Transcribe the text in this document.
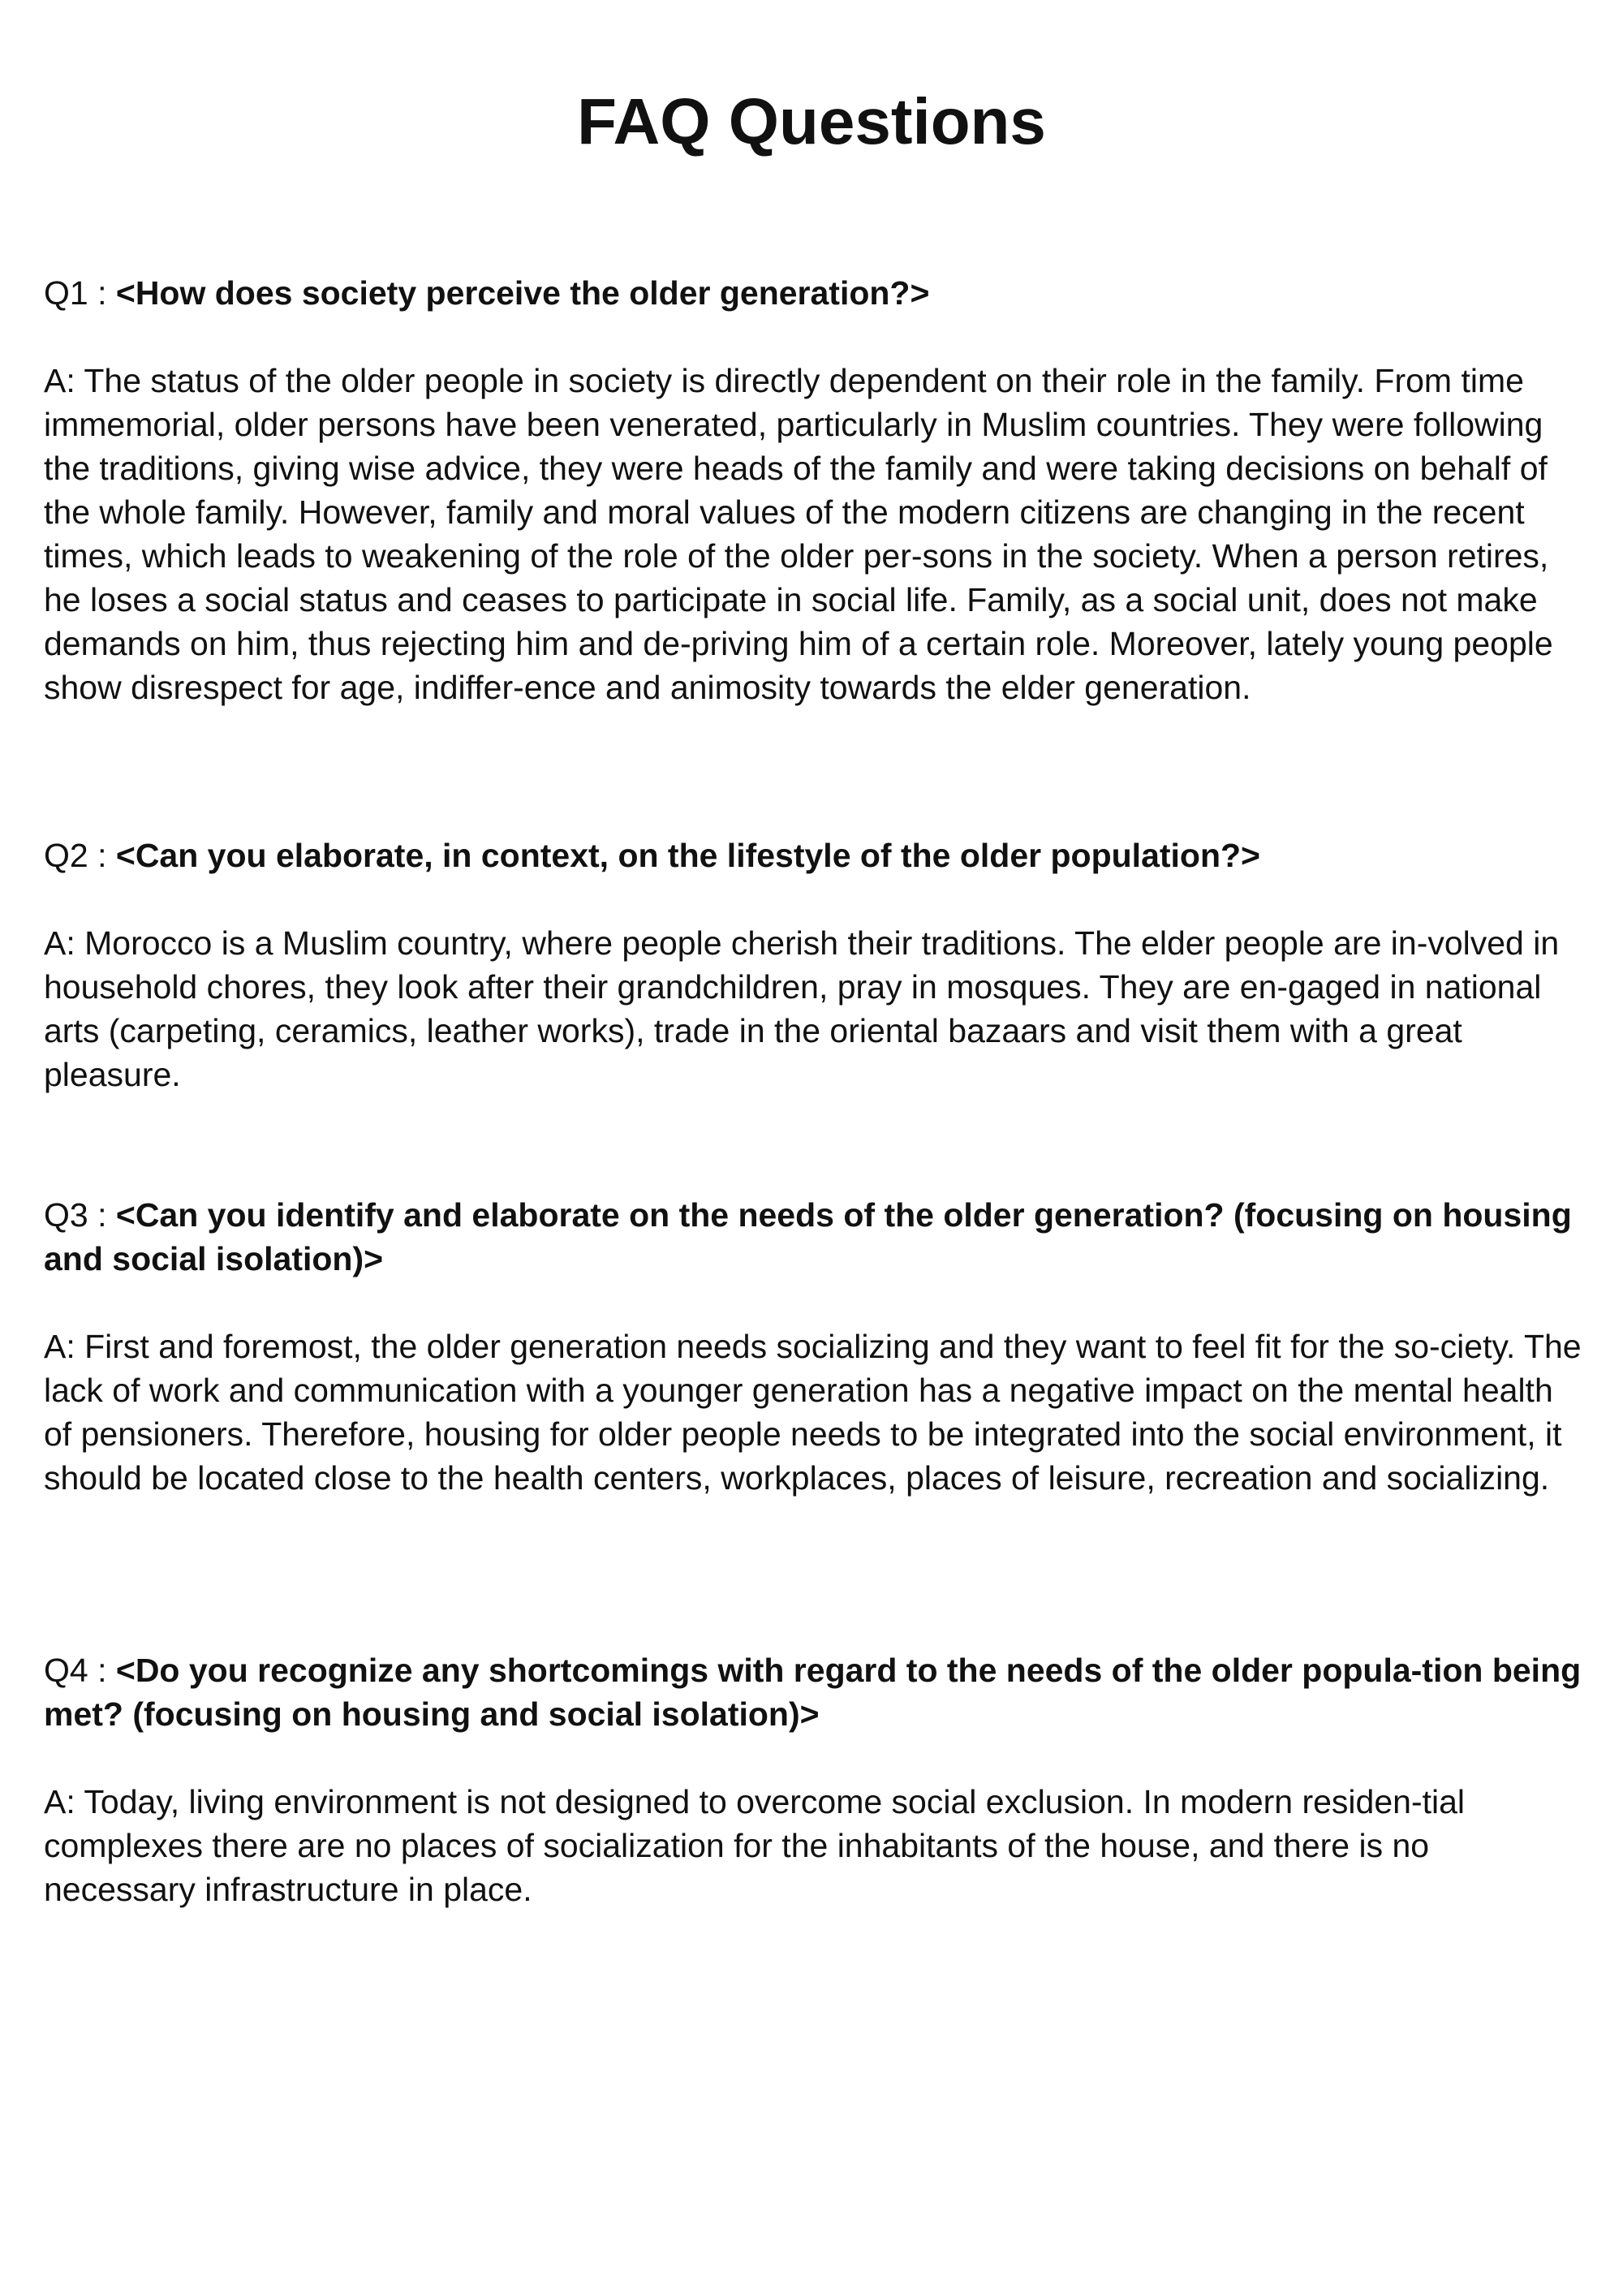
FAQ Questions

Q1 : <How does society perceive the older generation?>

A: The status of the older people in society is directly dependent on their role in the family. From time immemorial, older persons have been venerated, particularly in Muslim countries. They were following the traditions, giving wise advice, they were heads of the family and were taking decisions on behalf of the whole family. However, family and moral values of the modern citizens are changing in the recent times, which leads to weakening of the role of the older per-sons in the society. When a person retires, he loses a social status and ceases to participate in social life. Family, as a social unit, does not make demands on him, thus rejecting him and de-priving him of a certain role. Moreover, lately young people show disrespect for age, indiffer-ence and animosity towards the elder generation.

Q2 : <Can you elaborate, in context, on the lifestyle of the older population?>

A: Morocco is a Muslim country, where people cherish their traditions. The elder people are in-volved in household chores, they look after their grandchildren, pray in mosques. They are en-gaged in national arts (carpeting, ceramics, leather works), trade in the oriental bazaars and visit them with a great pleasure.

Q3 : <Can you identify and elaborate on the needs of the older generation? (focusing on housing and social isolation)>

A: First and foremost, the older generation needs socializing and they want to feel fit for the so-ciety. The lack of work and communication with a younger generation has a negative impact on the mental health of pensioners. Therefore, housing for older people needs to be integrated into the social environment, it should be located close to the health centers, workplaces, places of leisure, recreation and socializing.

Q4 : <Do you recognize any shortcomings with regard to the needs of the older popula-tion being met? (focusing on housing and social isolation)>

A: Today, living environment is not designed to overcome social exclusion. In modern residen-tial complexes there are no places of socialization for the inhabitants of the house, and there is no necessary infrastructure in place.
